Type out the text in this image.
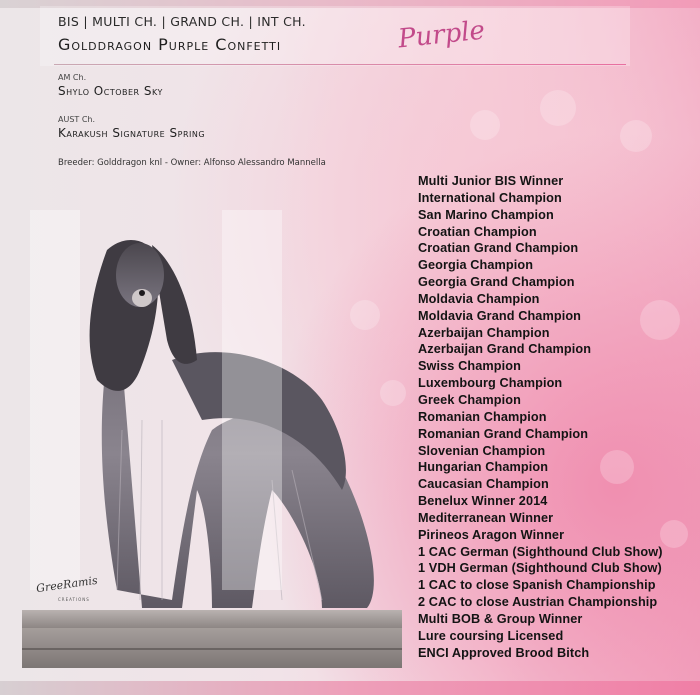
BIS | MULTI CH. | GRAND CH. | INT CH.
Golddragon Purple Confetti	Purple
AM Ch.
Shylo October Sky
AUST Ch.
Karakush Signature Spring
Breeder: Golddragon knl - Owner: Alfonso Alessandro Mannella
GreeRamis
CREATIONS
Multi Junior BIS Winner
International Champion
San Marino Champion
Croatian Champion
Croatian Grand Champion
Georgia Champion
Georgia Grand Champion
Moldavia Champion
Moldavia Grand Champion
Azerbaijan Champion
Azerbaijan Grand Champion
Swiss Champion
Luxembourg Champion
Greek Champion
Romanian Champion
Romanian Grand Champion
Slovenian Champion
Hungarian Champion
Caucasian Champion
Benelux Winner 2014
Mediterranean Winner
Pirineos Aragon Winner
1 CAC German (Sighthound Club Show)
1 VDH German (Sighthound Club Show)
1 CAC to close Spanish Championship
2 CAC to close Austrian Championship
Multi BOB & Group Winner
Lure coursing Licensed
ENCI Approved Brood Bitch
